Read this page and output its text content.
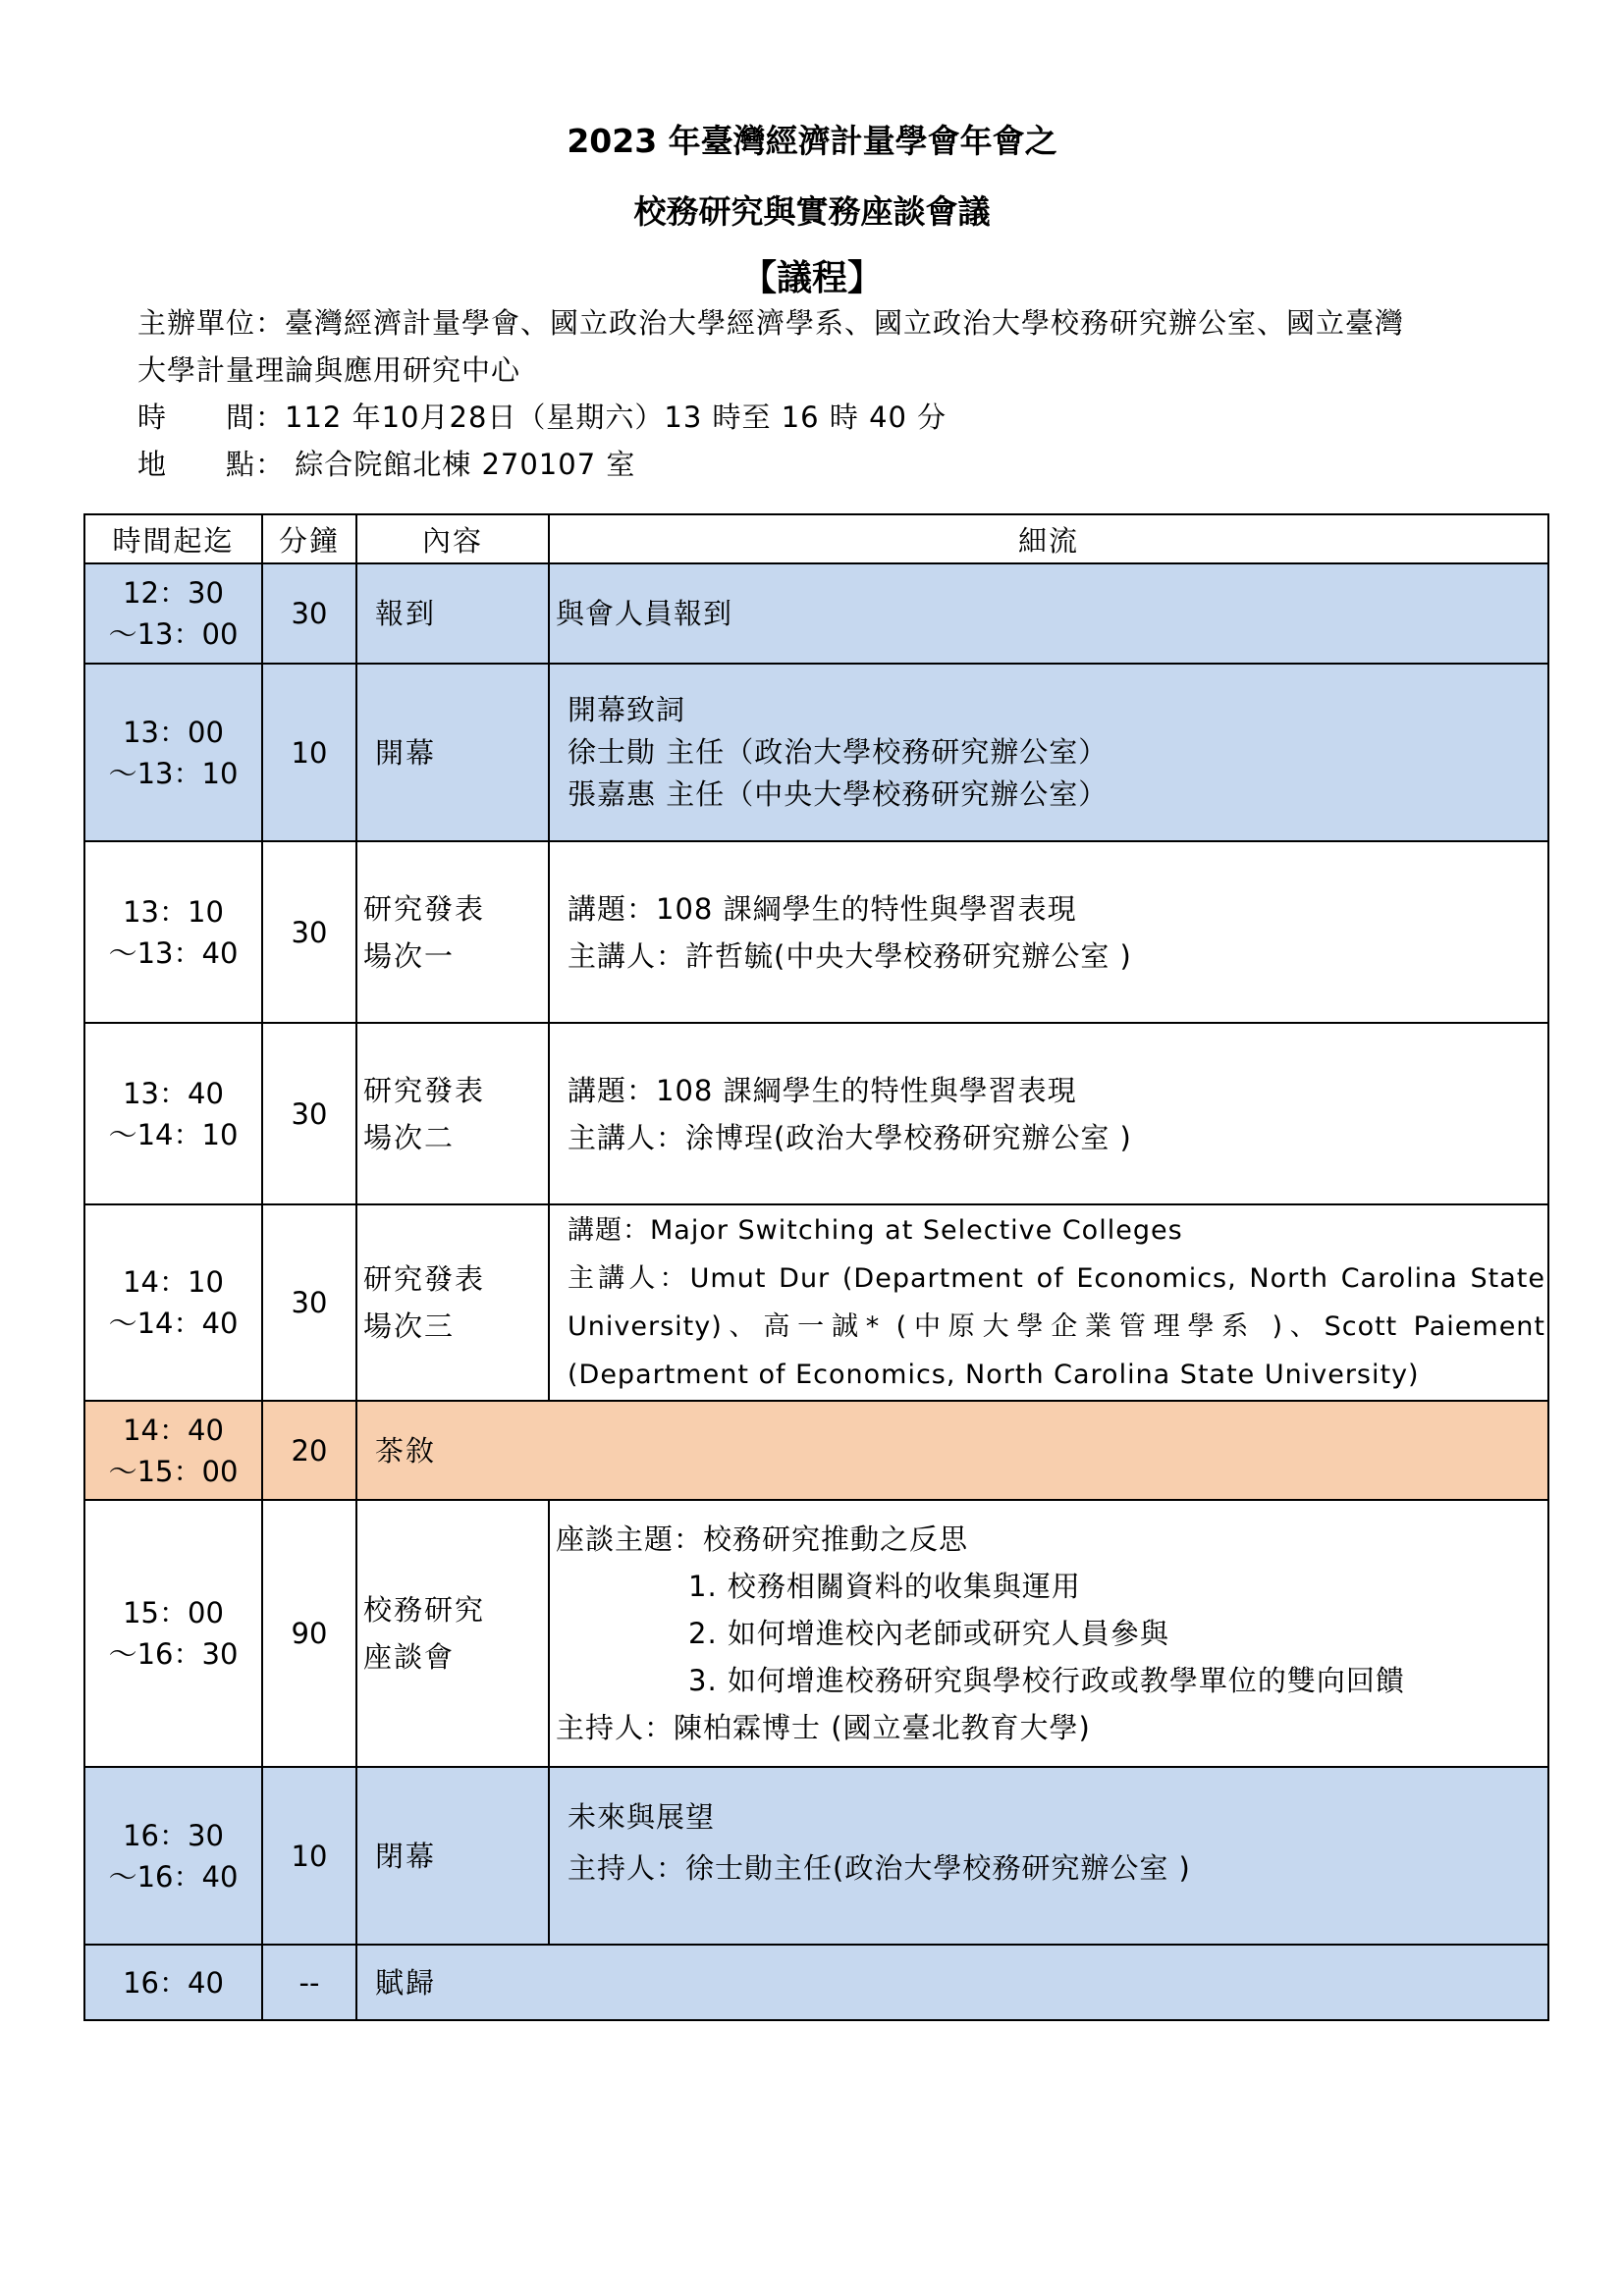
2023 年臺灣經濟計量學會年會之
校務研究與實務座談會議
【議程】
主辦單位：臺灣經濟計量學會、國立政治大學經濟學系、國立政治大學校務研究辦公室、國立臺灣
大學計量理論與應用研究中心
時　　間：112 年10月28日（星期六）13 時至 16 時 40 分
地　　點： 綜合院館北棟 270107 室
時間起迄	分鐘	內容	細流
12：30
～13：00	30	報到	與會人員報到

13：00
～13：10	10	開幕	開幕致詞
徐士勛 主任（政治大學校務研究辦公室）
張嘉惠 主任（中央大學校務研究辦公室）

13：10
～13：40	30	研究發表
場次一	講題：108 課綱學生的特性與學習表現
主講人：許哲毓(中央大學校務研究辦公室 )

13：40
～14：10	30	研究發表
場次二	講題：108 課綱學生的特性與學習表現
主講人：涂博珵(政治大學校務研究辦公室 )

14：10
～14：40	30	研究發表
場次三	講題：Major Switching at Selective Colleges
主講人：Umut Dur (Department of Economics, North Carolina State University)、高一誠* (中原大學企業管理學系 )、Scott Paiement (Department of Economics, North Carolina State University)

14：40
～15：00	20	茶敘	
15：00
～16：30	90	校務研究
座談會	座談主題：校務研究推動之反思
1. 校務相關資料的收集與運用
2. 如何增進校內老師或研究人員參與
3. 如何增進校務研究與學校行政或教學單位的雙向回饋
主持人：陳柏霖博士 (國立臺北教育大學)

16：30
～16：40	10	閉幕	未來與展望
主持人：徐士勛主任(政治大學校務研究辦公室 )

16：40	--	賦歸	
